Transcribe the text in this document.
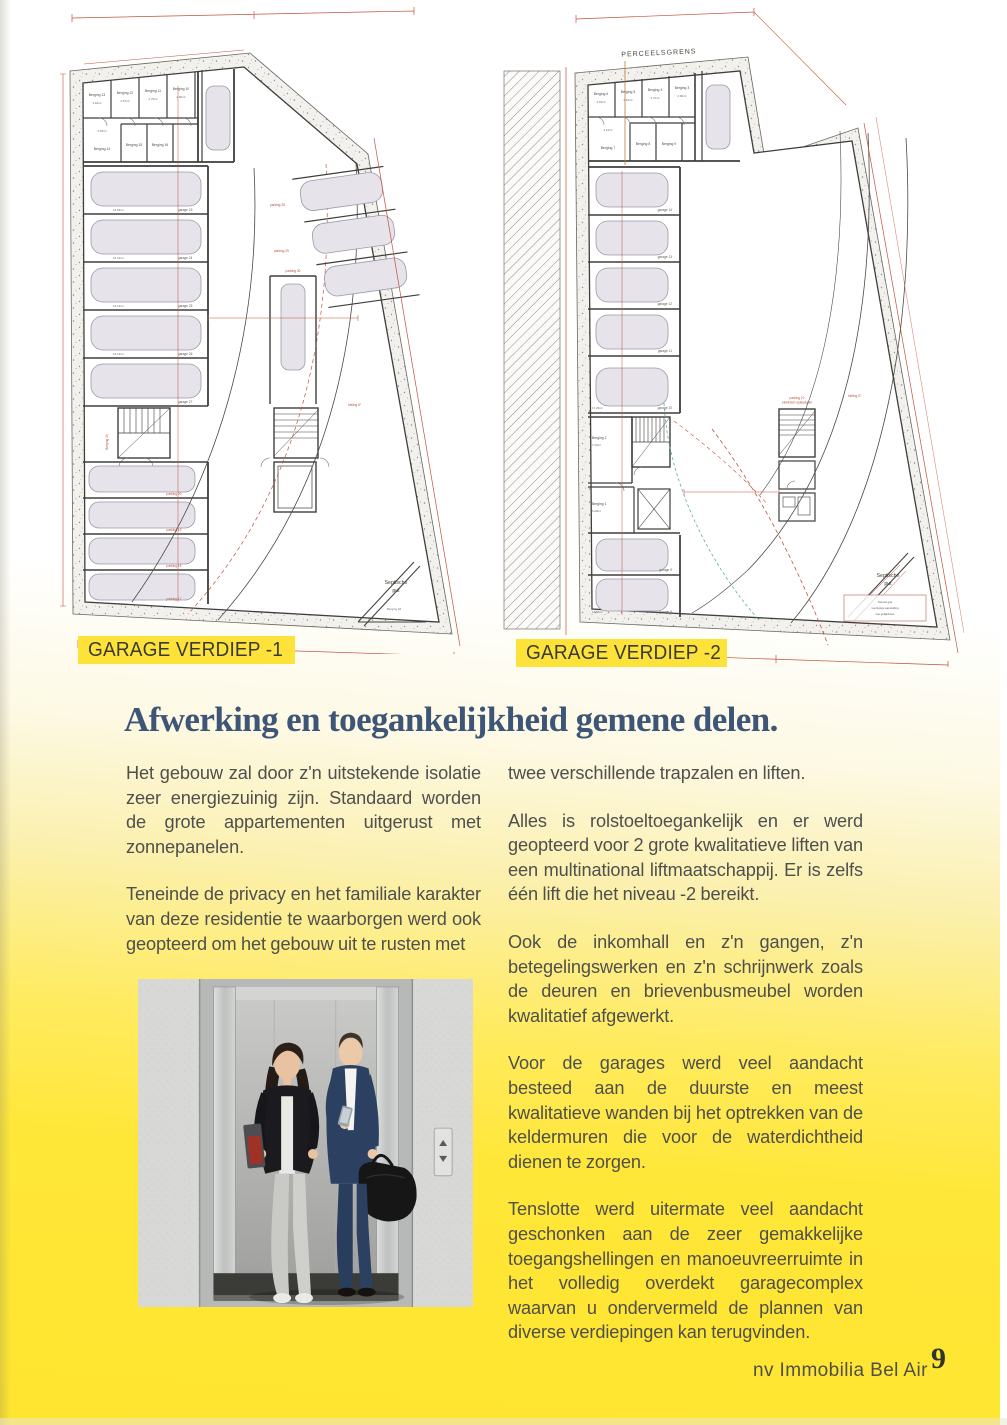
Berging 13
3.94m²
Berging 12
2.57m²
Berging 11
2.79m²
Berging 10
2.90m²
4.53m²
Berging 14
Berging 15	Berging 16
16.63m²	garage 23
16.31m²	garage 24
16.13m²	garage 25
16.13m²	garage 26
garage 27
Berging 19
parking 20
parking 19
parking 18
parking 17
parking 30
helling 5°
parking 28
parking 29
Septische
put
Berging 18
PERCEELSGRENS
Berging 6
2.94m²
Berging 5
2.52m²
Berging 4
2.72m²
Berging 3
2.90m²
4.12m²
Berging 7
Berging 8	Berging 9
garage 14
garage 13
garage 12
garage 11
17.29m²	garage 10
Berging 2
7.43m²
Berging 1
6.28m²
garage 9
14.56m²	garage 8
parking 10
elektrisch oplaadpunt
helling 5°
Septische
put
Telenet gas
voorlopige aansluiting
niet gelijkvloers
GARAGE VERDIEP -1	GARAGE VERDIEP -2
Afwerking en toegankelijkheid gemene delen.

Het gebouw zal door z'n uitstekende isolatie zeer energiezuinig zijn. Standaard worden de grote appartementen uitgerust met zonnepanelen.

Teneinde de privacy en het familiale karakter van deze residentie te waarborgen werd ook geopteerd om het gebouw uit te rusten met

twee verschillende trapzalen en liften.

Alles is rolstoeltoegankelijk en er werd geopteerd voor 2 grote kwalitatieve liften van een multinational liftmaatschappij. Er is zelfs één lift die het niveau -2 bereikt.

Ook de inkomhall en z'n gangen, z'n betegelingswerken en z'n schrijnwerk zoals de deuren en brievenbusmeubel worden kwalitatief afgewerkt.

Voor de garages werd veel aandacht besteed aan de duurste en meest kwalitatieve wanden bij het optrekken van de keldermuren die voor de waterdichtheid dienen te zorgen.

Tenslotte werd uitermate veel aandacht geschonken aan de zeer gemakkelijke toegangshellingen en manoeuvreerruimte in het volledig overdekt garagecomplex waarvan u ondervermeld de plannen van diverse verdiepingen kan terugvinden.

nv Immobilia Bel Air 9
